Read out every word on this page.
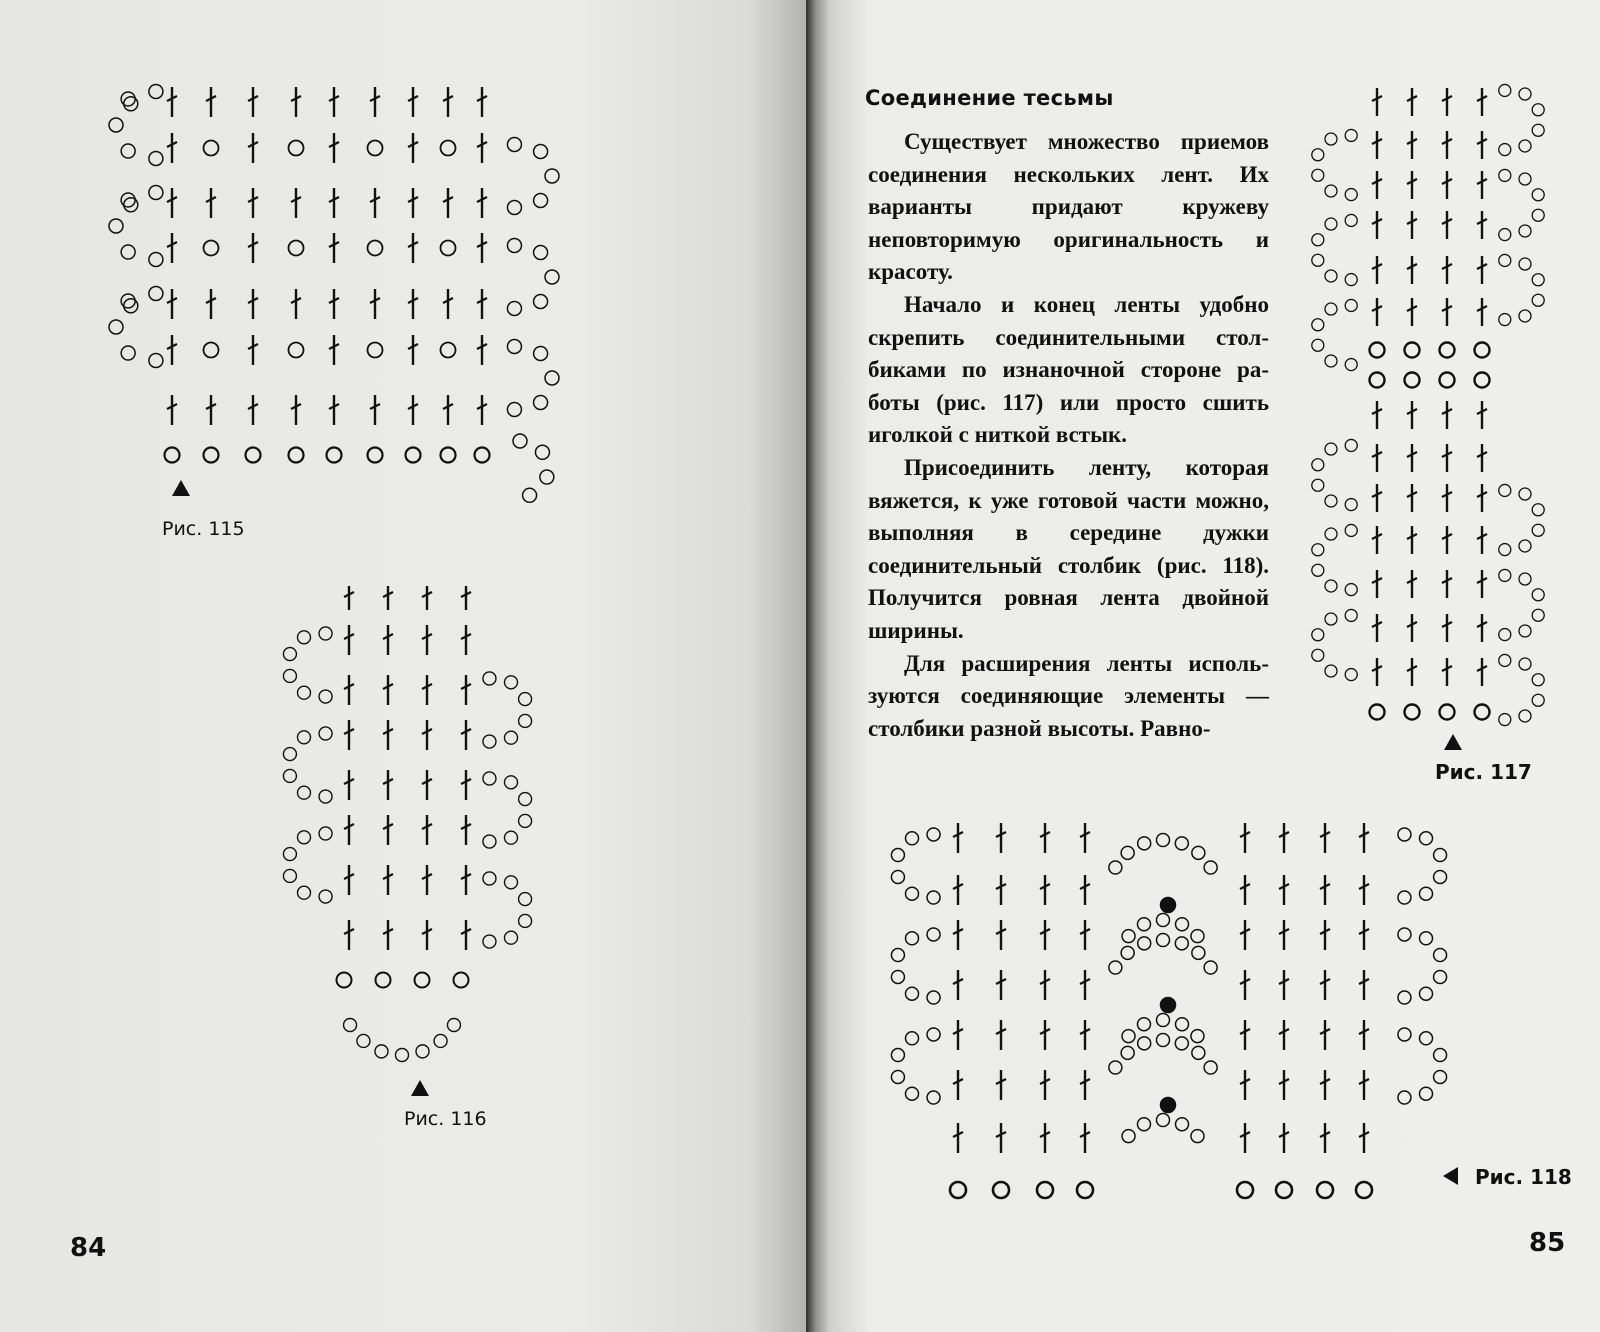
Рис. 115
Рис. 116
84
Соединение тесьмы

Существует множество приемов соединения нескольких лент. Их варианты придают кружеву неповторимую оригинальность и красоту.

Начало и конец ленты удобно скрепить соединительными столбиками по изнаночной стороне работы (рис. 117) или просто сшить иголкой с ниткой встык.

Присоединить ленту, которая вяжется, к уже готовой части можно, выполняя в середине дужки соединительный столбик (рис. 118). Получится ровная лента двойной ширины.

Для расширения ленты используются соединяющие элементы — столбики разной высоты. Равно-

Рис. 117
Рис. 118
85
